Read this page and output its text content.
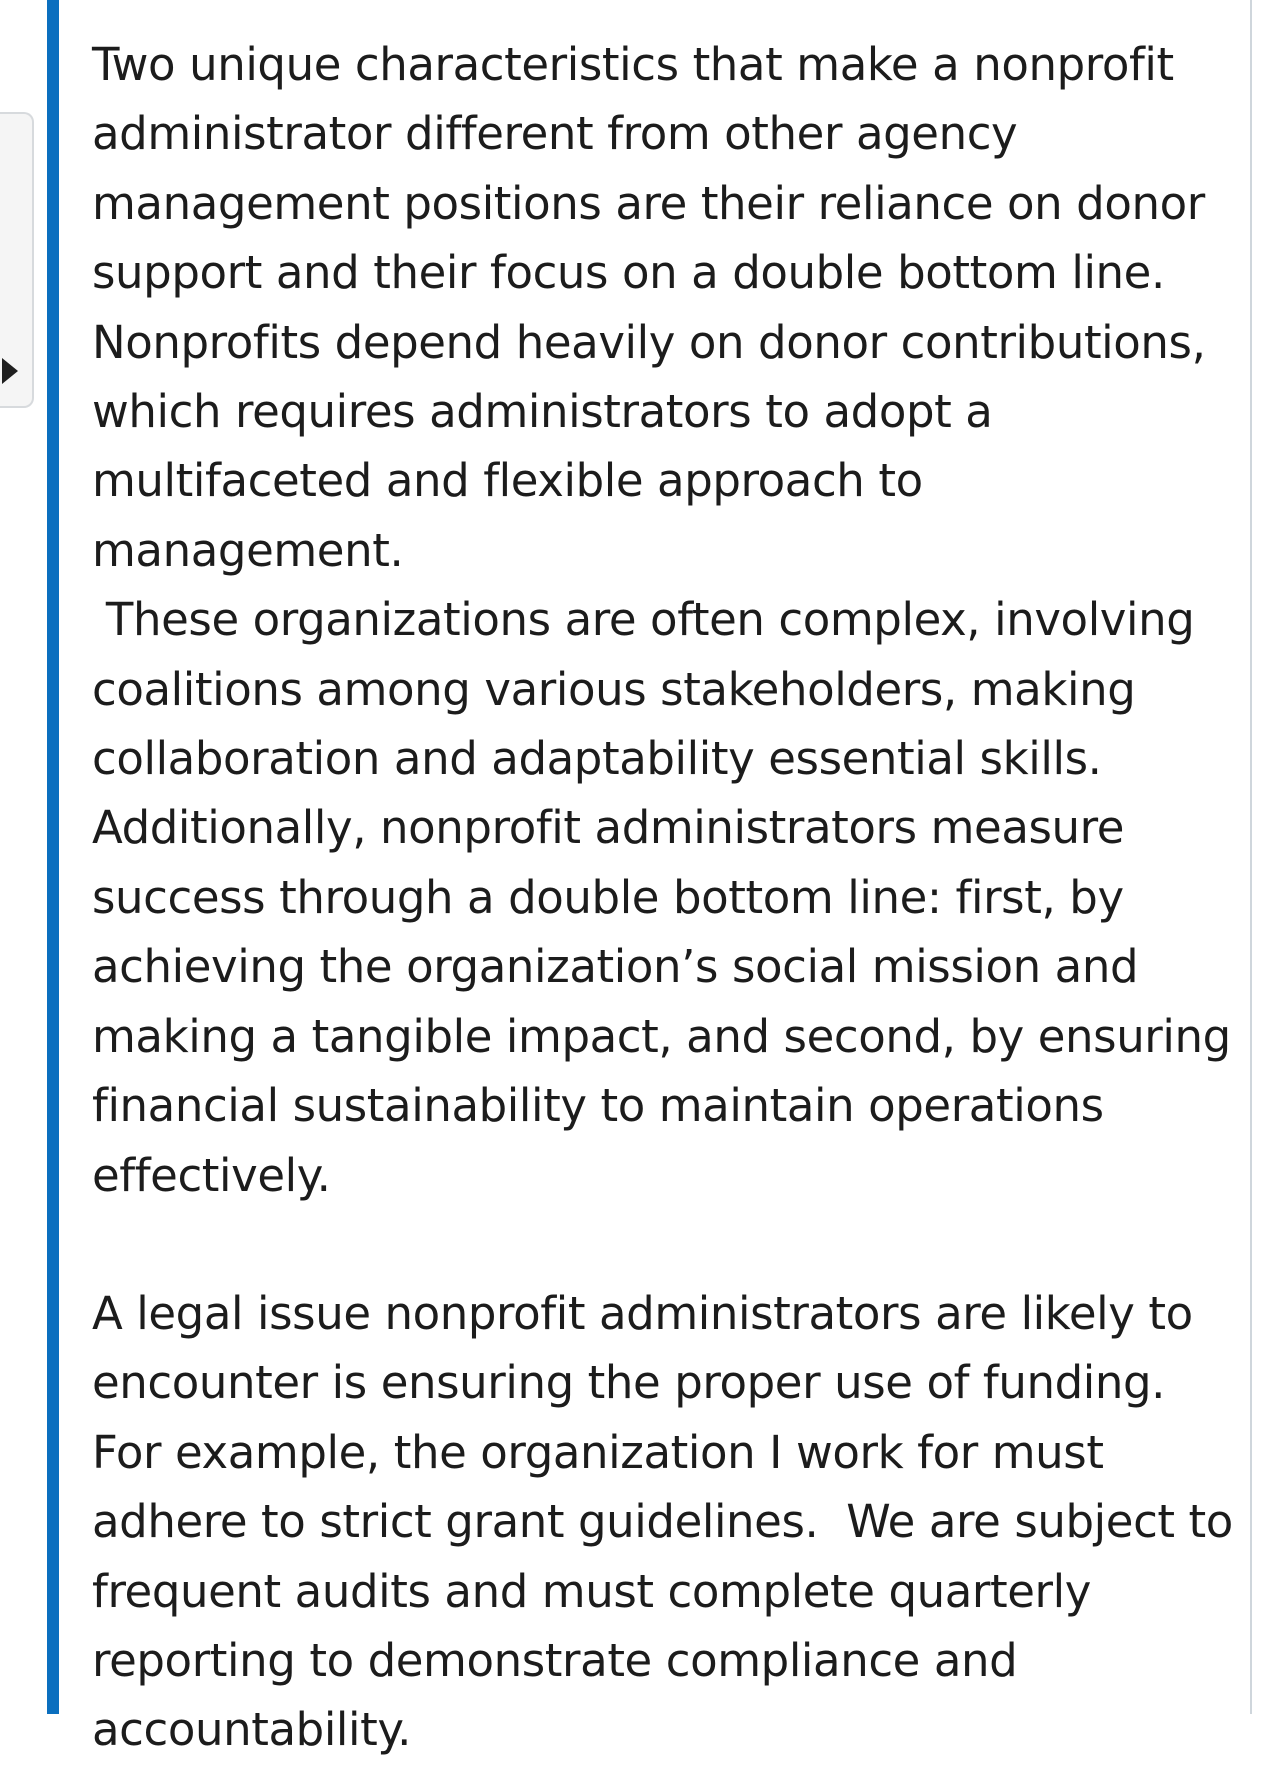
Two unique characteristics that make a nonprofit
administrator different from other agency
management positions are their reliance on donor
support and their focus on a double bottom line.
Nonprofits depend heavily on donor contributions,
which requires administrators to adopt a
multifaceted and flexible approach to management.
These organizations are often complex, involving
coalitions among various stakeholders, making
collaboration and adaptability essential skills.
Additionally, nonprofit administrators measure
success through a double bottom line: first, by
achieving the organization’s social mission and
making a tangible impact, and second, by ensuring
financial sustainability to maintain operations
effectively.

A legal issue nonprofit administrators are likely to
encounter is ensuring the proper use of funding.
For example, the organization I work for must
adhere to strict grant guidelines.  We are subject to
frequent audits and must complete quarterly
reporting to demonstrate compliance and
accountability.
